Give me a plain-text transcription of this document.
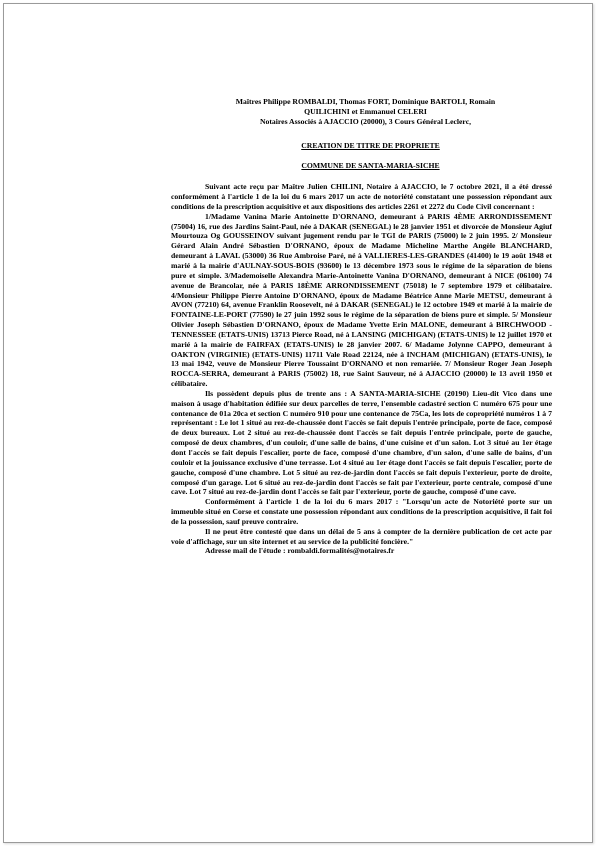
Maîtres Philippe ROMBALDI, Thomas FORT, Dominique BARTOLI, Romain

QUILICHINI et Emmanuel CELERI

Notaires Associés à AJACCIO (20000), 3 Cours Général Leclerc,

CREATION DE TITRE DE PROPRIETE
COMMUNE DE SANTA-MARIA-SICHE

Suivant acte reçu par Maître Julien CHILINI, Notaire à AJACCIO, le 7 octobre 2021, il a été dressé conformément à l'article 1 de la loi du 6 mars 2017 un acte de notoriété constatant une possession répondant aux conditions de la prescription acquisitive et aux dispositions des articles 2261 et 2272 du Code Civil concernant :

1/Madame Vanina Marie Antoinette D'ORNANO, demeurant à PARIS 4ÈME ARRONDISSEMENT (75004) 16, rue des Jardins Saint-Paul, née à DAKAR (SENEGAL) le 28 janvier 1951 et divorcée de Monsieur Agiuf Mourtouza Og GOUSSEINOV suivant jugement rendu par le TGI de PARIS (75000) le 2 juin 1995. 2/ Monsieur Gérard Alain André Sébastien D'ORNANO, époux de Madame Micheline Marthe Angèle BLANCHARD, demeurant à LAVAL (53000) 36 Rue Ambroise Paré, né à VALLIERES-LES-GRANDES (41400) le 19 août 1948 et marié à la mairie d'AULNAY-SOUS-BOIS (93600) le 13 décembre 1973 sous le régime de la séparation de biens pure et simple. 3/Mademoiselle Alexandra Marie-Antoinette Vanina D'ORNANO, demeurant à NICE (06100) 74 avenue de Brancolar, née à PARIS 18ÈME ARRONDISSEMENT (75018) le 7 septembre 1979 et célibataire. 4/Monsieur Philippe Pierre Antoine D'ORNANO, époux de Madame Béatrice Anne Marie METSU, demeurant à AVON (77210) 64, avenue Franklin Roosevelt, né à DAKAR (SENEGAL) le 12 octobre 1949 et marié à la mairie de FONTAINE-LE-PORT (77590) le 27 juin 1992 sous le régime de la séparation de biens pure et simple. 5/ Monsieur Olivier Joseph Sébastien D'ORNANO, époux de Madame Yvette Erin MALONE, demeurant à BIRCHWOOD - TENNESSEE (ETATS-UNIS) 13713 Pierce Road, né à LANSING (MICHIGAN) (ETATS-UNIS) le 12 juillet 1970 et marié à la mairie de FAIRFAX (ETATS-UNIS) le 28 janvier 2007. 6/ Madame Jolynne CAPPO, demeurant à OAKTON (VIRGINIE) (ETATS-UNIS) 11711 Vale Road 22124, née à INCHAM (MICHIGAN) (ETATS-UNIS), le 13 mai 1942, veuve de Monsieur Pierre Toussaint D'ORNANO et non remariée. 7/ Monsieur Roger Jean Joseph ROCCA-SERRA, demeurant à PARIS (75002) 18, rue Saint Sauveur, né à AJACCIO (20000) le 13 avril 1950 et célibataire.

Ils possèdent depuis plus de trente ans : A SANTA-MARIA-SICHE (20190) Lieu-dit Vico dans une maison à usage d'habitation édifiée sur deux parcelles de terre, l'ensemble cadastré section C numéro 675 pour une contenance de 01a 20ca et section C numéro 910 pour une contenance de 75Ca, les lots de copropriété numéros 1 à 7 représentant : Le lot 1 situé au rez-de-chaussée dont l'accès se fait depuis l'entrée principale, porte de face, composé de deux bureaux. Lot 2 situé au rez-de-chaussée dont l'accès se fait depuis l'entrée principale, porte de gauche, composé de deux chambres, d'un couloir, d'une salle de bains, d'une cuisine et d'un salon. Lot 3 situé au 1er étage dont l'accès se fait depuis l'escalier, porte de face, composé d'une chambre, d'un salon, d'une salle de bains, d'un couloir et la jouissance exclusive d'une terrasse. Lot 4 situé au 1er étage dont l'accès se fait depuis l'escalier, porte de gauche, composé d'une chambre. Lot 5 situé au rez-de-jardin dont l'accès se fait depuis l'exterieur, porte de droite, composé d'un garage. Lot 6 situé au rez-de-jardin dont l'accès se fait par l'exterieur, porte centrale, composé d'une cave. Lot 7 situé au rez-de-jardin dont l'accès se fait par l'exterieur, porte de gauche, composé d'une cave.

Conformément à l'article 1 de la loi du 6 mars 2017 : "Lorsqu'un acte de Notoriété porte sur un immeuble situé en Corse et constate une possession répondant aux conditions de la prescription acquisitive, il fait foi de la possession, sauf preuve contraire.

Il ne peut être contesté que dans un délai de 5 ans à compter de la dernière publication de cet acte par voie d'affichage, sur un site internet et au service de la publicité foncière."

Adresse mail de l'étude : rombaldi.formalités@notaires.fr
